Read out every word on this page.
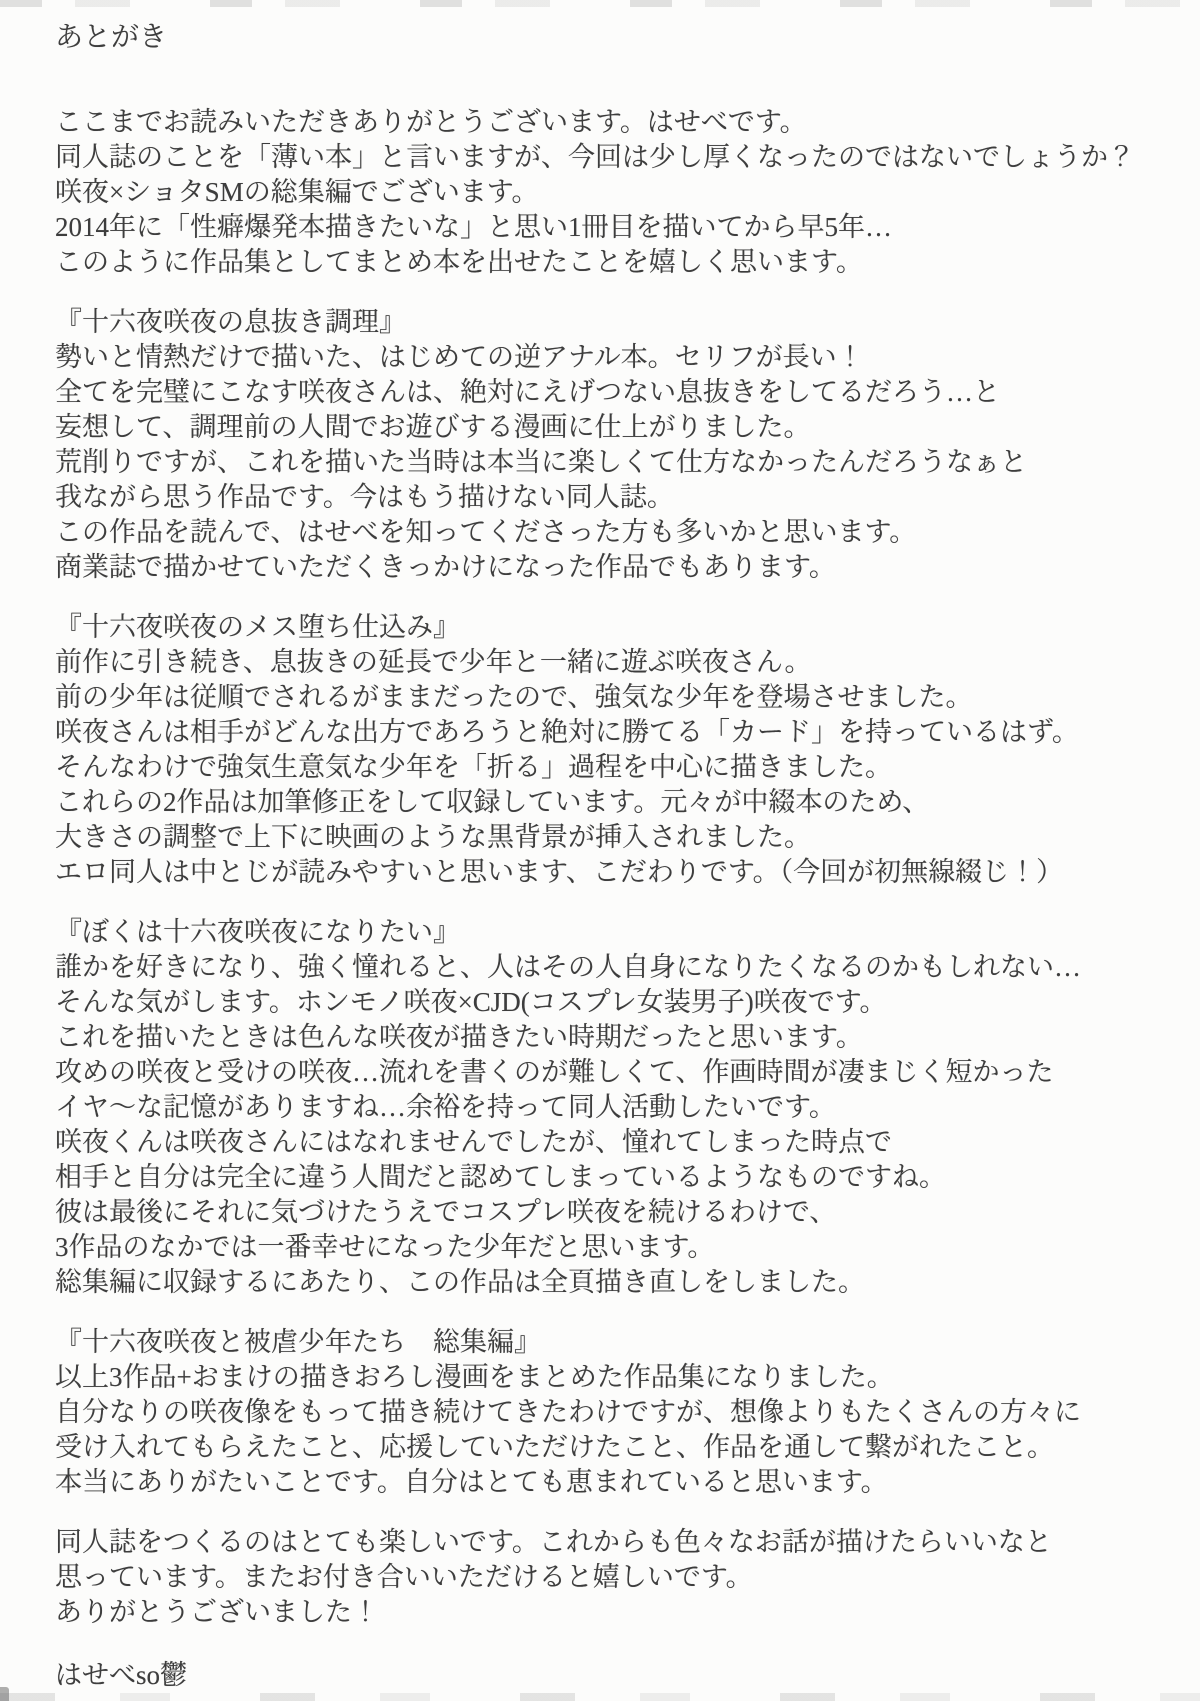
あとがき
ここまでお読みいただきありがとうございます。はせべです。
同人誌のことを「薄い本」と言いますが、今回は少し厚くなったのではないでしょうか？
咲夜×ショタSMの総集編でございます。
2014年に「性癖爆発本描きたいな」と思い1冊目を描いてから早5年…
このように作品集としてまとめ本を出せたことを嬉しく思います。
『十六夜咲夜の息抜き調理』
勢いと情熱だけで描いた、はじめての逆アナル本。セリフが長い！
全てを完璧にこなす咲夜さんは、絶対にえげつない息抜きをしてるだろう…と
妄想して、調理前の人間でお遊びする漫画に仕上がりました。
荒削りですが、これを描いた当時は本当に楽しくて仕方なかったんだろうなぁと
我ながら思う作品です。今はもう描けない同人誌。
この作品を読んで、はせべを知ってくださった方も多いかと思います。
商業誌で描かせていただくきっかけになった作品でもあります。
『十六夜咲夜のメス堕ち仕込み』
前作に引き続き、息抜きの延長で少年と一緒に遊ぶ咲夜さん。
前の少年は従順でされるがままだったので、強気な少年を登場させました。
咲夜さんは相手がどんな出方であろうと絶対に勝てる「カード」を持っているはず。
そんなわけで強気生意気な少年を「折る」過程を中心に描きました。
これらの2作品は加筆修正をして収録しています。元々が中綴本のため、
大きさの調整で上下に映画のような黒背景が挿入されました。
エロ同人は中とじが読みやすいと思います、こだわりです。（今回が初無線綴じ！）
『ぼくは十六夜咲夜になりたい』
誰かを好きになり、強く憧れると、人はその人自身になりたくなるのかもしれない…
そんな気がします。ホンモノ咲夜×CJD(コスプレ女装男子)咲夜です。
これを描いたときは色んな咲夜が描きたい時期だったと思います。
攻めの咲夜と受けの咲夜…流れを書くのが難しくて、作画時間が凄まじく短かった
イヤ〜な記憶がありますね…余裕を持って同人活動したいです。
咲夜くんは咲夜さんにはなれませんでしたが、憧れてしまった時点で
相手と自分は完全に違う人間だと認めてしまっているようなものですね。
彼は最後にそれに気づけたうえでコスプレ咲夜を続けるわけで、
3作品のなかでは一番幸せになった少年だと思います。
総集編に収録するにあたり、この作品は全頁描き直しをしました。
『十六夜咲夜と被虐少年たち　総集編』
以上3作品+おまけの描きおろし漫画をまとめた作品集になりました。
自分なりの咲夜像をもって描き続けてきたわけですが、想像よりもたくさんの方々に
受け入れてもらえたこと、応援していただけたこと、作品を通して繋がれたこと。
本当にありがたいことです。自分はとても恵まれていると思います。
同人誌をつくるのはとても楽しいです。これからも色々なお話が描けたらいいなと
思っています。またお付き合いいただけると嬉しいです。
ありがとうございました！
はせべso鬱
